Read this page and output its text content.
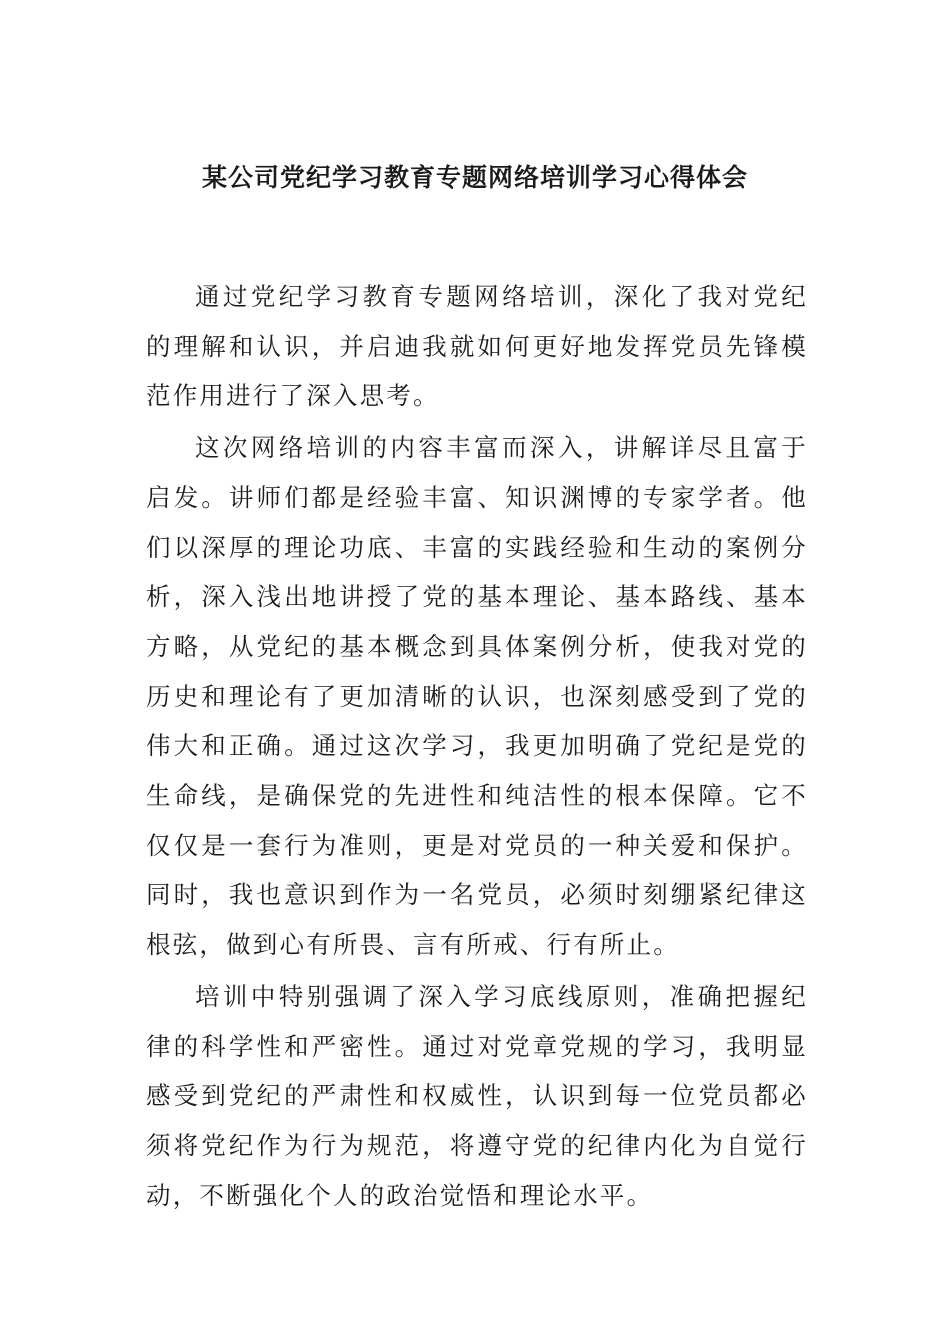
某公司党纪学习教育专题网络培训学习心得体会

通过党纪学习教育专题网络培训，深化了我对党纪的理解和认识，并启迪我就如何更好地发挥党员先锋模范作用进行了深入思考。

这次网络培训的内容丰富而深入，讲解详尽且富于启发。讲师们都是经验丰富、知识渊博的专家学者。他们以深厚的理论功底、丰富的实践经验和生动的案例分析，深入浅出地讲授了党的基本理论、基本路线、基本方略，从党纪的基本概念到具体案例分析，使我对党的历史和理论有了更加清晰的认识，也深刻感受到了党的伟大和正确。通过这次学习，我更加明确了党纪是党的生命线，是确保党的先进性和纯洁性的根本保障。它不仅仅是一套行为准则，更是对党员的一种关爱和保护。同时，我也意识到作为一名党员，必须时刻绷紧纪律这根弦，做到心有所畏、言有所戒、行有所止。

培训中特别强调了深入学习底线原则，准确把握纪律的科学性和严密性。通过对党章党规的学习，我明显感受到党纪的严肃性和权威性，认识到每一位党员都必须将党纪作为行为规范，将遵守党的纪律内化为自觉行动，不断强化个人的政治觉悟和理论水平。
